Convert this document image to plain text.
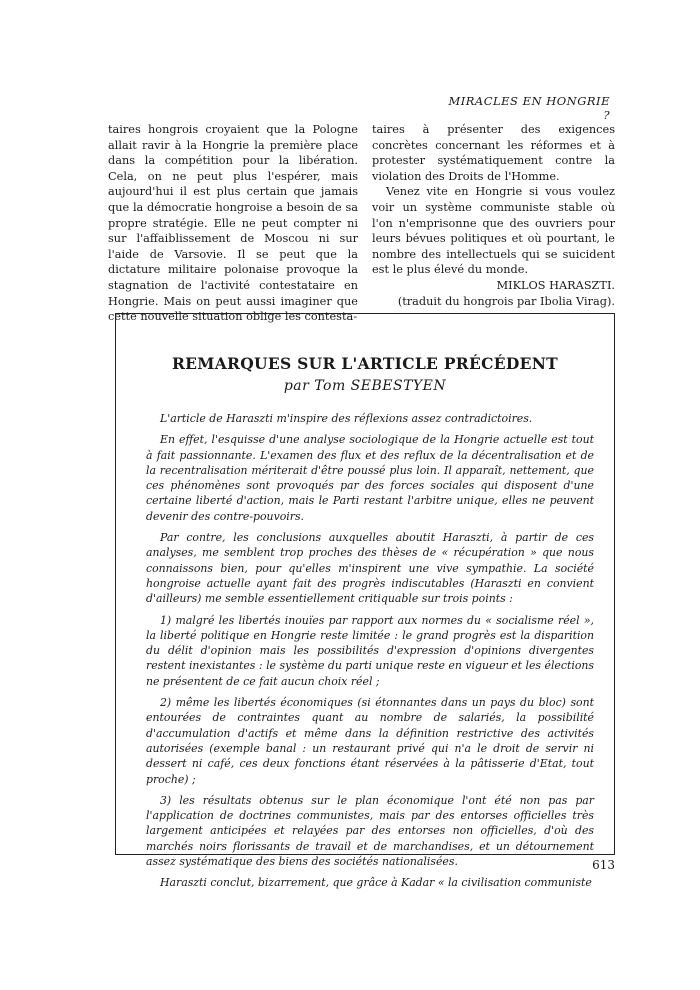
MIRACLES EN HONGRIE ?

taires hongrois croyaient que la Pologne allait ravir à la Hongrie la première place dans la compétition pour la libération. Cela, on ne peut plus l'espérer, mais aujourd'hui il est plus certain que jamais que la démocratie hongroise a besoin de sa propre stratégie. Elle ne peut compter ni sur l'affaiblissement de Moscou ni sur l'aide de Varsovie. Il se peut que la dictature militaire polonaise provoque la stagnation de l'activité contestataire en Hongrie. Mais on peut aussi imaginer que cette nouvelle situation oblige les contesta-

taires à présenter des exigences concrètes concernant les réformes et à protester systématiquement contre la violation des Droits de l'Homme.

Venez vite en Hongrie si vous voulez voir un système communiste stable où l'on n'emprisonne que des ouvriers pour leurs bévues politiques et où pourtant, le nombre des intellectuels qui se suicident est le plus élevé du monde.

MIKLOS HARASZTI.

(traduit du hongrois par Ibolia Virag).

REMARQUES SUR L'ARTICLE PRÉCÉDENT
par Tom SEBESTYEN

L'article de Haraszti m'inspire des réflexions assez contradictoires.

En effet, l'esquisse d'une analyse sociologique de la Hongrie actuelle est tout à fait passionnante. L'examen des flux et des reflux de la décentralisation et de la recentralisation mériterait d'être poussé plus loin. Il apparaît, nettement, que ces phénomènes sont provoqués par des forces sociales qui disposent d'une certaine liberté d'action, mais le Parti restant l'arbitre unique, elles ne peuvent devenir des contre-pouvoirs.

Par contre, les conclusions auxquelles aboutit Haraszti, à partir de ces analyses, me semblent trop proches des thèses de « récupération » que nous connaissons bien, pour qu'elles m'inspirent une vive sympathie. La société hongroise actuelle ayant fait des progrès indiscutables (Haraszti en convient d'ailleurs) me semble essentiellement critiquable sur trois points :

1) malgré les libertés inouïes par rapport aux normes du « socialisme réel », la liberté politique en Hongrie reste limitée : le grand progrès est la disparition du délit d'opinion mais les possibilités d'expression d'opinions divergentes restent inexistantes : le système du parti unique reste en vigueur et les élections ne présentent de ce fait aucun choix réel ;

2) même les libertés économiques (si étonnantes dans un pays du bloc) sont entourées de contraintes quant au nombre de salariés, la possibilité d'accumulation d'actifs et même dans la définition restrictive des activités autorisées (exemple banal : un restaurant privé qui n'a le droit de servir ni dessert ni café, ces deux fonctions étant réservées à la pâtisserie d'Etat, tout proche) ;

3) les résultats obtenus sur le plan économique l'ont été non pas par l'application de doctrines communistes, mais par des entorses officielles très largement anticipées et relayées par des entorses non officielles, d'où des marchés noirs florissants de travail et de marchandises, et un détournement assez systématique des biens des sociétés nationalisées.

Haraszti conclut, bizarrement, que grâce à Kadar « la civilisation communiste

613
